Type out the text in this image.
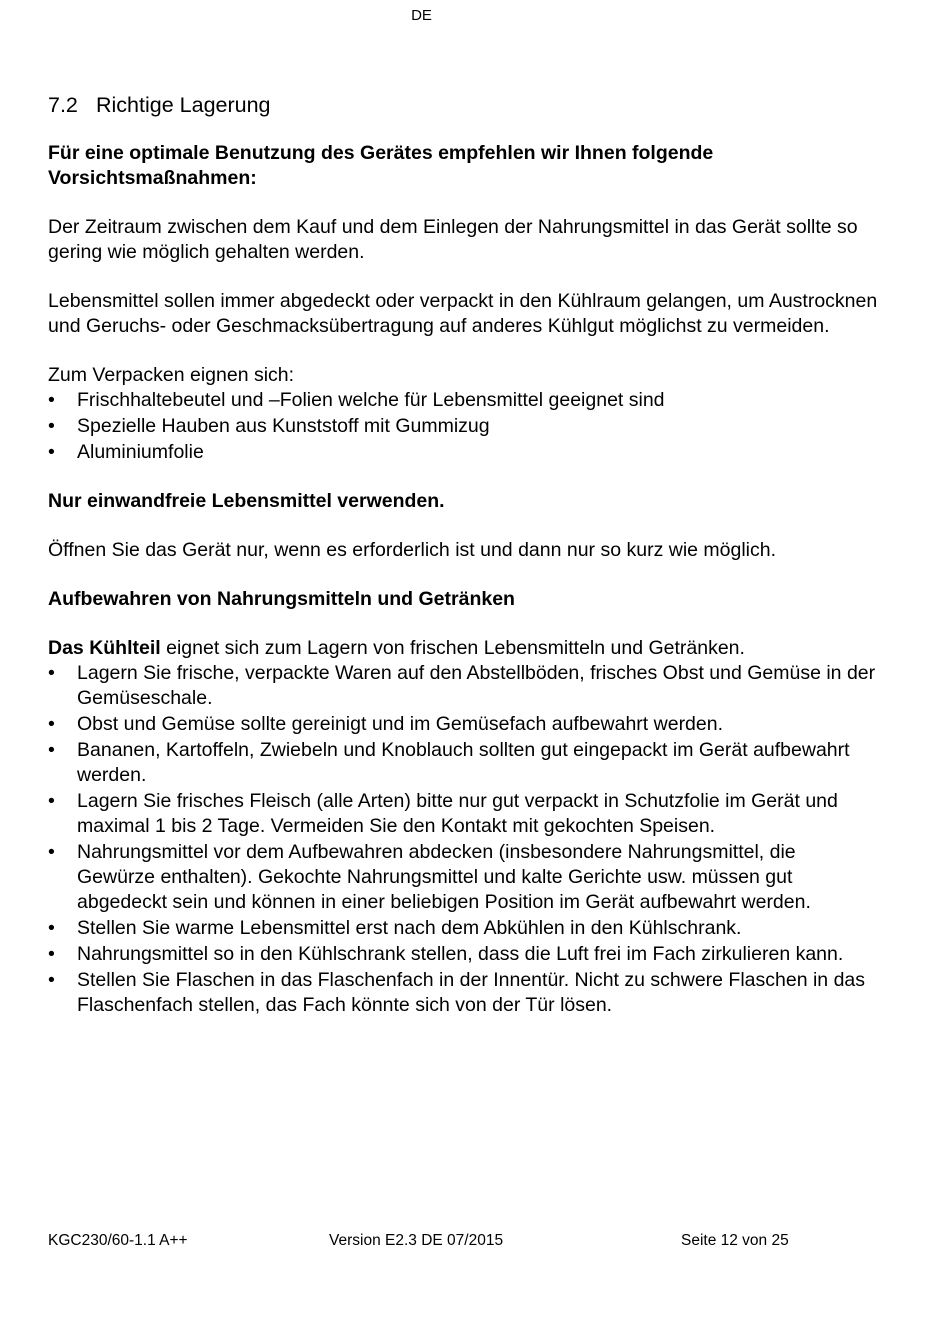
DE
7.2 Richtige Lagerung

Für eine optimale Benutzung des Gerätes empfehlen wir Ihnen folgende Vorsichtsmaßnahmen:

Der Zeitraum zwischen dem Kauf und dem Einlegen der Nahrungsmittel in das Gerät sollte so gering wie möglich gehalten werden.

Lebensmittel sollen immer abgedeckt oder verpackt in den Kühlraum gelangen, um Austrocknen und Geruchs- oder Geschmacksübertragung auf anderes Kühlgut möglichst zu vermeiden.

Zum Verpacken eignen sich:

• Frischhaltebeutel und –Folien welche für Lebensmittel geeignet sind
• Spezielle Hauben aus Kunststoff mit Gummizug
• Aluminiumfolie

Nur einwandfreie Lebensmittel verwenden.

Öffnen Sie das Gerät nur, wenn es erforderlich ist und dann nur so kurz wie möglich.

Aufbewahren von Nahrungsmitteln und Getränken

Das Kühlteil eignet sich zum Lagern von frischen Lebensmitteln und Getränken.

• Lagern Sie frische, verpackte Waren auf den Abstellböden, frisches Obst und Gemüse in der Gemüseschale.
• Obst und Gemüse sollte gereinigt und im Gemüsefach aufbewahrt werden.
• Bananen, Kartoffeln, Zwiebeln und Knoblauch sollten gut eingepackt im Gerät aufbewahrt werden.
• Lagern Sie frisches Fleisch (alle Arten) bitte nur gut verpackt in Schutzfolie im Gerät und maximal 1 bis 2 Tage. Vermeiden Sie den Kontakt mit gekochten Speisen.
• Nahrungsmittel vor dem Aufbewahren abdecken (insbesondere Nahrungsmittel, die Gewürze enthalten). Gekochte Nahrungsmittel und kalte Gerichte usw. müssen gut abgedeckt sein und können in einer beliebigen Position im Gerät aufbewahrt werden.
• Stellen Sie warme Lebensmittel erst nach dem Abkühlen in den Kühlschrank.
• Nahrungsmittel so in den Kühlschrank stellen, dass die Luft frei im Fach zirkulieren kann.
• Stellen Sie Flaschen in das Flaschenfach in der Innentür. Nicht zu schwere Flaschen in das Flaschenfach stellen, das Fach könnte sich von der Tür lösen.
KGC230/60-1.1 A++	Version E2.3 DE 07/2015	Seite 12 von 25
